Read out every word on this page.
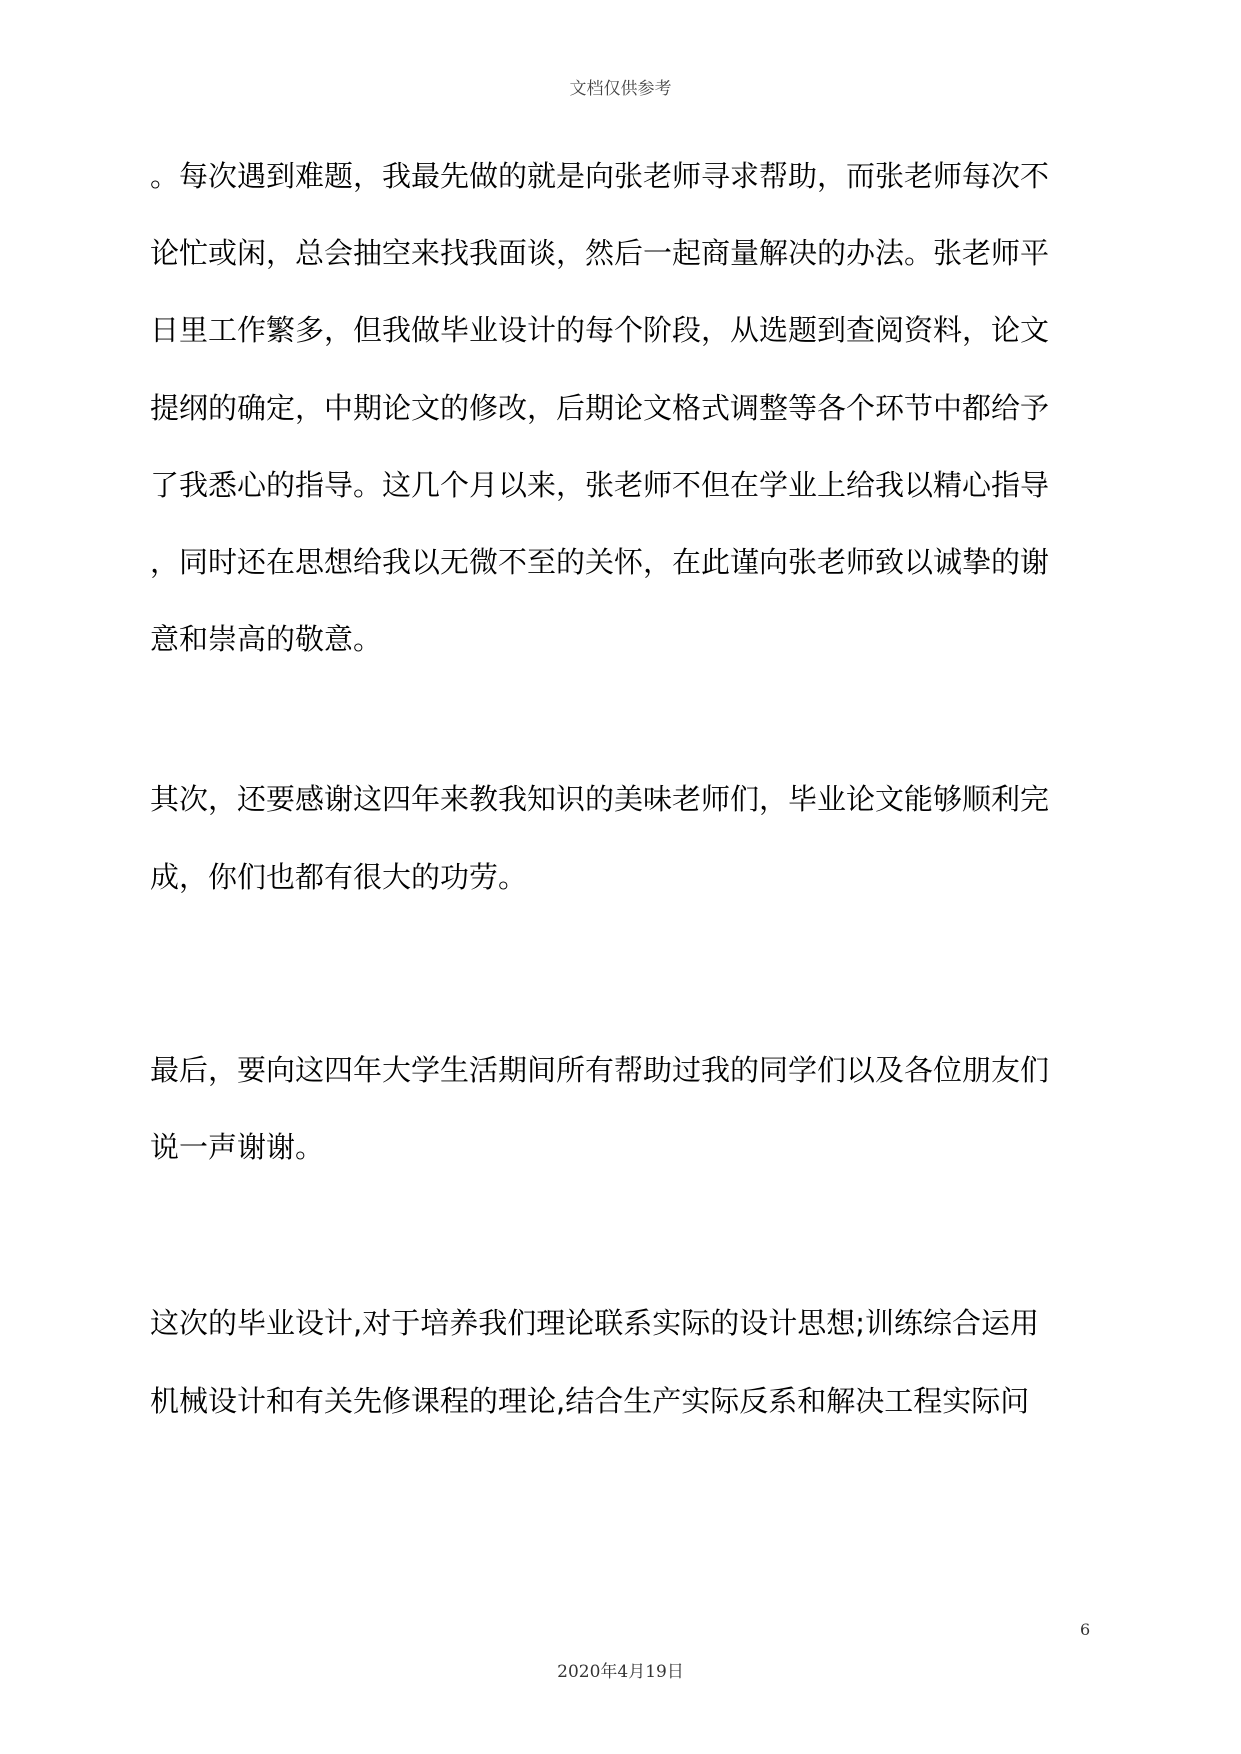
文档仅供参考
。每次遇到难题，我最先做的就是向张老师寻求帮助，而张老师每次不
论忙或闲，总会抽空来找我面谈，然后一起商量解决的办法。张老师平
日里工作繁多，但我做毕业设计的每个阶段，从选题到查阅资料，论文
提纲的确定，中期论文的修改，后期论文格式调整等各个环节中都给予
了我悉心的指导。这几个月以来，张老师不但在学业上给我以精心指导
，同时还在思想给我以无微不至的关怀，在此谨向张老师致以诚挚的谢
意和崇高的敬意。
其次，还要感谢这四年来教我知识的美味老师们，毕业论文能够顺利完
成，你们也都有很大的功劳。
最后，要向这四年大学生活期间所有帮助过我的同学们以及各位朋友们
说一声谢谢。
这次的毕业设计,对于培养我们理论联系实际的设计思想;训练综合运用
机械设计和有关先修课程的理论,结合生产实际反系和解决工程实际问
6
2020年4月19日
